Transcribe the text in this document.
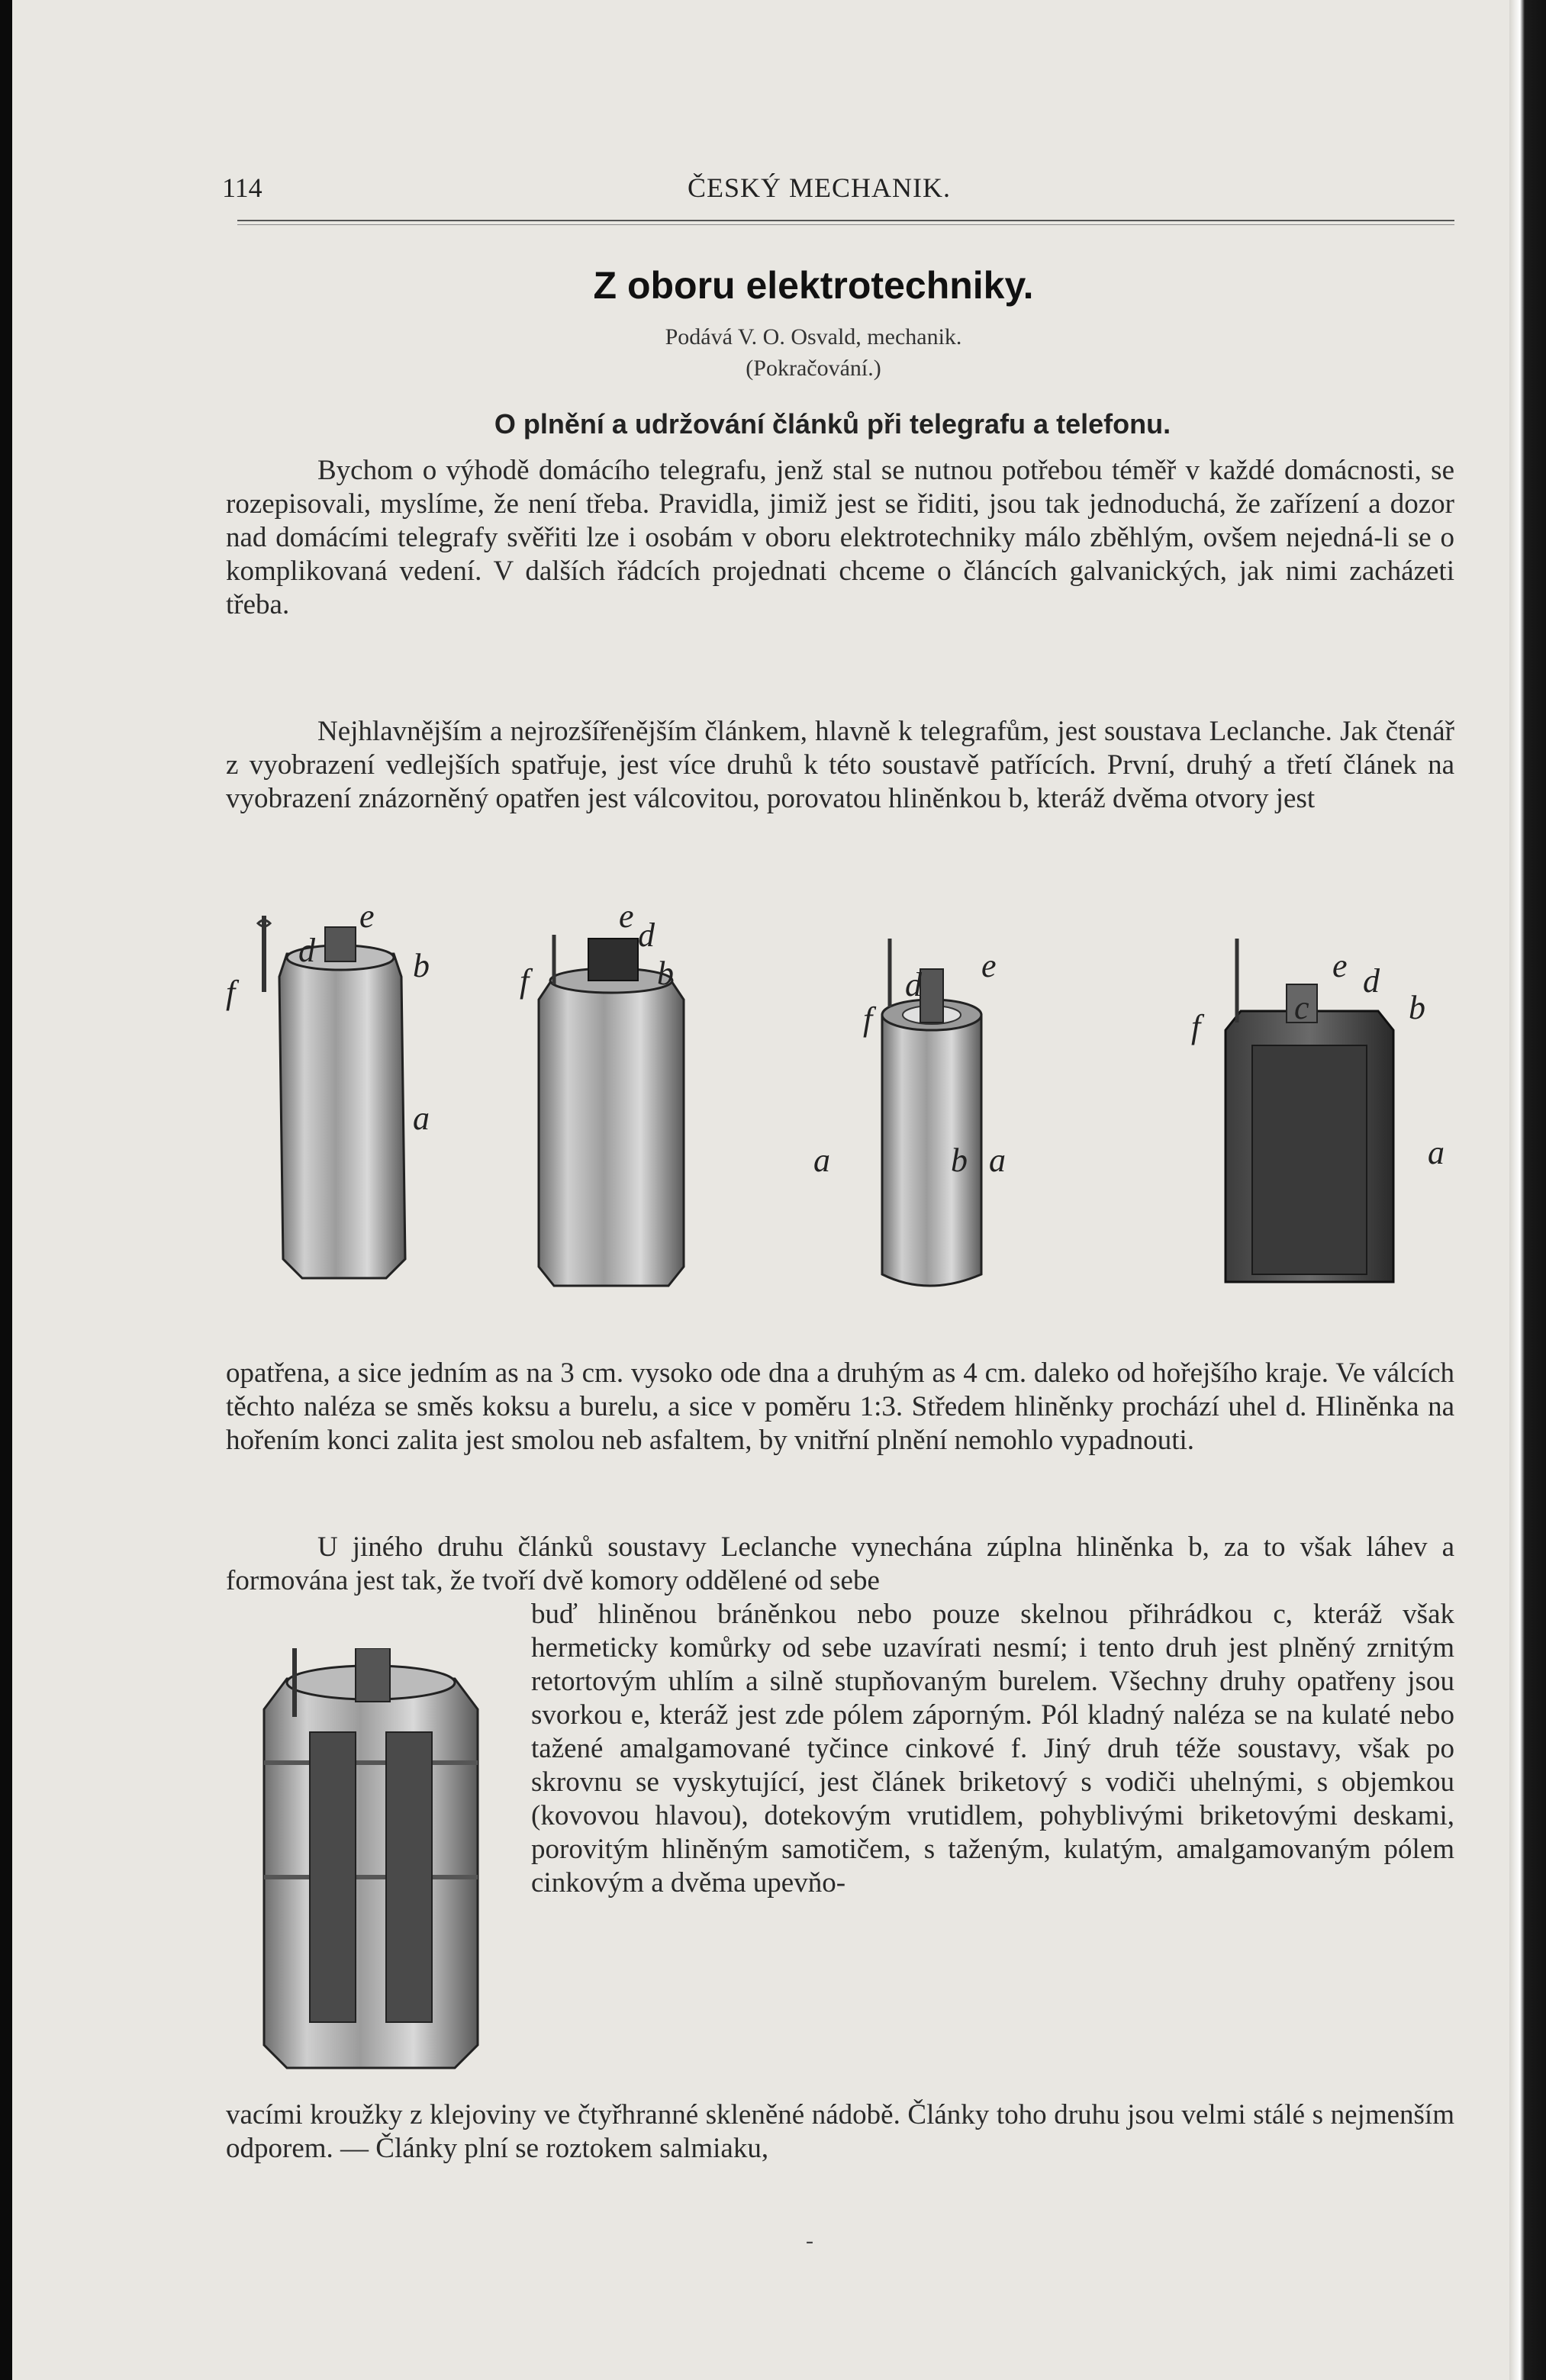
114	ČESKÝ MECHANIK.
Z oboru elektrotechniky.
Podává V. O. Osvald, mechanik.
(Pokračování.)
O plnění a udržování článků při telegrafu a telefonu.

Bychom o výhodě domácího telegrafu, jenž stal se nutnou potřebou téměř v každé domácnosti, se rozepisovali, myslíme, že není třeba. Pravidla, jimiž jest se řiditi, jsou tak jednoduchá, že zařízení a dozor nad domácími telegrafy svěřiti lze i osobám v oboru elektrotechniky málo zběhlým, ovšem nejedná-li se o komplikovaná vedení. V dalších řádcích projednati chceme o článcích galvanických, jak nimi zacházeti třeba.

Nejhlavnějším a nejrozšířenějším článkem, hlavně k telegrafům, jest soustava Leclanche. Jak čtenář z vyobrazení vedlejších spatřuje, jest více druhů k této soustavě patřících. První, druhý a třetí článek na vyobrazení znázorněný opatřen jest válcovitou, porovatou hliněnkou b, kteráž dvěma otvory jest

f
d
e
b
a
f
e
d
b
f
d
e
b
a	a
f
c
e d
b
a

opatřena, a sice jedním as na 3 cm. vysoko ode dna a druhým as 4 cm. daleko od hořejšího kraje. Ve válcích těchto naléza se směs koksu a burelu, a sice v poměru 1:3. Středem hliněnky prochází uhel d. Hliněnka na hořením konci zalita jest smolou neb asfaltem, by vnitřní plnění nemohlo vypadnouti.

U jiného druhu článků soustavy Leclanche vynechána zúplna hliněnka b, za to však láhev a formována jest tak, že tvoří dvě komory oddělené od sebe

buď hliněnou bráněnkou nebo pouze skelnou přihrádkou c, kteráž však hermeticky komůrky od sebe uzavírati nesmí; i tento druh jest plněný zrnitým retortovým uhlím a silně stupňovaným burelem. Všechny druhy opatřeny jsou svorkou e, kteráž jest zde pólem záporným. Pól kladný naléza se na kulaté nebo tažené amalgamované tyčince cinkové f. Jiný druh téže soustavy, však po skrovnu se vyskytující, jest článek briketový s vodiči uhelnými, s objemkou (kovovou hlavou), dotekovým vrutidlem, pohyblivými briketovými deskami, porovitým hliněným samotičem, s taženým, kulatým, amalgamovaným pólem cinkovým a dvěma upevňo-

vacími kroužky z klejoviny ve čtyřhranné skleněné nádobě. Články toho druhu jsou velmi stálé s nejmenším odporem. — Články plní se roztokem salmiaku,

-
